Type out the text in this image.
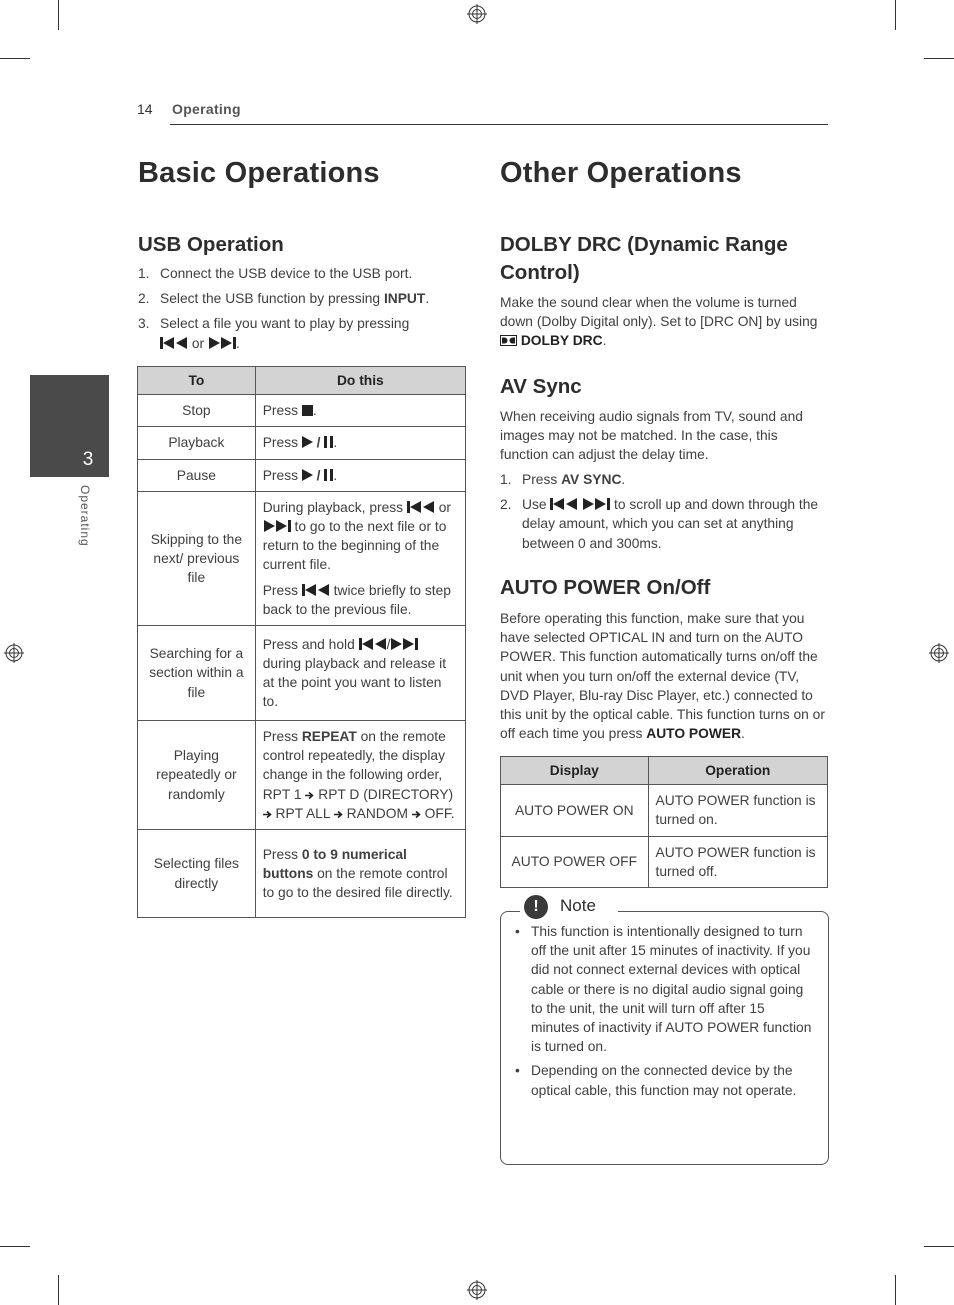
14 Operating
3
Operating
Basic Operations
USB Operation
1. Connect the USB device to the USB port.
2. Select the USB function by pressing INPUT.
3. Select a file you want to play by pressing
or .
To	Do this
Stop	Press .
Playback	Press  / .
Pause	Press  / .
Skipping to the next/ previous file	During playback, press  or  to go to the next file or to return to the beginning of the current file.

Press  twice briefly to step back to the previous file.

Searching for a section within a file	Press and hold / during playback and release it at the point you want to listen to.
Playing repeatedly or randomly	Press REPEAT on the remote control repeatedly, the display change in the following order, RPT 1  RPT D (DIRECTORY)  RPT ALL  RANDOM  OFF.
Selecting files directly	Press 0 to 9 numerical buttons on the remote control to go to the desired file directly.
Other Operations
DOLBY DRC (Dynamic Range Control)
Make the sound clear when the volume is turned down (Dolby Digital only). Set to [DRC ON] by using  DOLBY DRC.
AV Sync
When receiving audio signals from TV, sound and images may not be matched. In the case, this function can adjust the delay time.
1. Press AV SYNC.
2. Use	to scroll up and down through the delay amount, which you can set at anything between 0 and 300ms.
AUTO POWER On/Off
Before operating this function, make sure that you have selected OPTICAL IN and turn on the AUTO POWER. This function automatically turns on/off the unit when you turn on/off the external device (TV, DVD Player, Blu-ray Disc Player, etc.) connected to this unit by the optical cable. This function turns on or off each time you press AUTO POWER.
Display	Operation
AUTO POWER ON	AUTO POWER function is turned on.
AUTO POWER OFF	AUTO POWER function is turned off.
!	Note
• This function is intentionally designed to turn off the unit after 15 minutes of inactivity. If you did not connect external devices with optical cable or there is no digital audio signal going to the unit, the unit will turn off after 15 minutes of inactivity if AUTO POWER function is turned on.
• Depending on the connected device by the optical cable, this function may not operate.
